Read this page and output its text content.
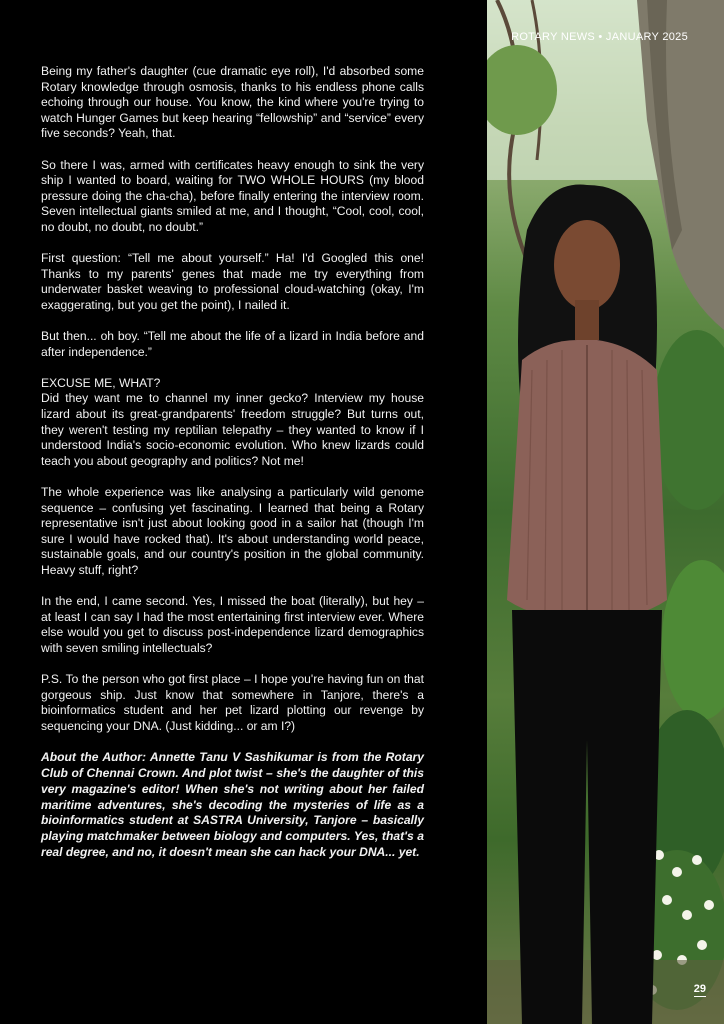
Being my father's daughter (cue dramatic eye roll), I'd absorbed some Rotary knowledge through osmosis, thanks to his endless phone calls echoing through our house. You know, the kind where you're trying to watch Hunger Games but keep hearing “fellowship” and “service” every five seconds? Yeah, that.

So there I was, armed with certificates heavy enough to sink the very ship I wanted to board, waiting for TWO WHOLE HOURS (my blood pressure doing the cha-cha), before finally entering the interview room. Seven intellectual giants smiled at me, and I thought, “Cool, cool, cool, no doubt, no doubt, no doubt.”

First question: “Tell me about yourself.” Ha! I'd Googled this one! Thanks to my parents' genes that made me try everything from underwater basket weaving to professional cloud-watching (okay, I'm exaggerating, but you get the point), I nailed it.

But then... oh boy. “Tell me about the life of a lizard in India before and after independence.”

EXCUSE ME, WHAT?

Did they want me to channel my inner gecko? Interview my house lizard about its great-grandparents' freedom struggle? But turns out, they weren't testing my reptilian telepathy – they wanted to know if I understood India's socio-economic evolution. Who knew lizards could teach you about geography and politics? Not me!

The whole experience was like analysing a particularly wild genome sequence – confusing yet fascinating. I learned that being a Rotary representative isn't just about looking good in a sailor hat (though I'm sure I would have rocked that). It's about understanding world peace, sustainable goals, and our country's position in the global community. Heavy stuff, right?

In the end, I came second. Yes, I missed the boat (literally), but hey – at least I can say I had the most entertaining first interview ever. Where else would you get to discuss post-independence lizard demographics with seven smiling intellectuals?

P.S. To the person who got first place – I hope you're having fun on that gorgeous ship. Just know that somewhere in Tanjore, there's a bioinformatics student and her pet lizard plotting our revenge by sequencing your DNA. (Just kidding... or am I?)

About the Author: Annette Tanu V Sashikumar is from the Rotary Club of Chennai Crown. And plot twist – she's the daughter of this very magazine's editor! When she's not writing about her failed maritime adventures, she's decoding the mysteries of life as a bioinformatics student at SASTRA University, Tanjore – basically playing matchmaker between biology and computers. Yes, that's a real degree, and no, it doesn't mean she can hack your DNA... yet.

ROTARY NEWS • JANUARY 2025
29
